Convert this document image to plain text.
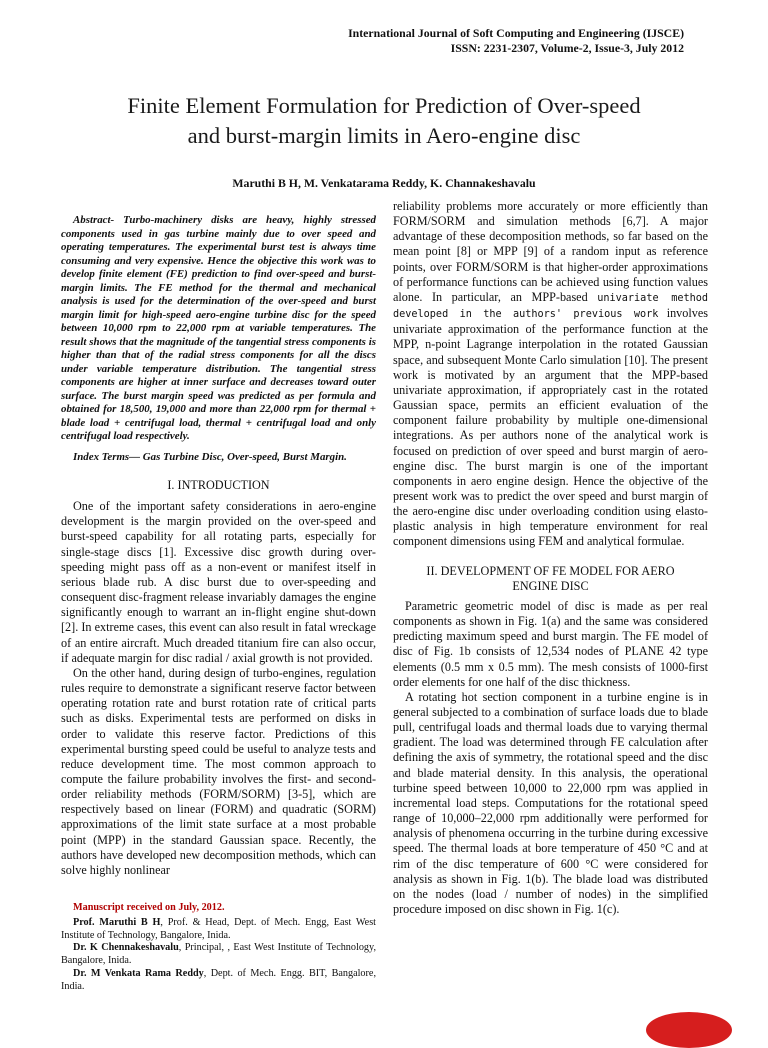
International Journal of Soft Computing and Engineering (IJSCE)
ISSN: 2231-2307, Volume-2, Issue-3, July 2012
Finite Element Formulation for Prediction of Over-speed
and burst-margin limits in Aero-engine disc
Maruthi B H, M. Venkatarama Reddy, K. Channakeshavalu

Abstract- Turbo-machinery disks are heavy, highly stressed components used in gas turbine mainly due to over speed and operating temperatures. The experimental burst test is always time consuming and very expensive. Hence the objective this work was to develop finite element (FE) prediction to find over-speed and burst-margin limits. The FE method for the thermal and mechanical analysis is used for the determination of the over-speed and burst margin limit for high-speed aero-engine turbine disc for the speed between 10,000 rpm to 22,000 rpm at variable temperatures. The result shows that the magnitude of the tangential stress components is higher than that of the radial stress components for all the discs under variable temperature distribution. The tangential stress components are higher at inner surface and decreases toward outer surface. The burst margin speed was predicted as per formula and obtained for 18,500, 19,000 and more than 22,000 rpm for thermal + blade load + centrifugal load, thermal + centrifugal load and only centrifugal load respectively.

Index Terms— Gas Turbine Disc, Over-speed, Burst Margin.

I. INTRODUCTION

One of the important safety considerations in aero-engine development is the margin provided on the over-speed and burst-speed capability for all rotating parts, especially for single-stage discs [1]. Excessive disc growth during over-speeding might pass off as a non-event or manifest itself in serious blade rub. A disc burst due to over-speeding and consequent disc-fragment release invariably damages the engine significantly enough to warrant an in-flight engine shut-down [2]. In extreme cases, this event can also result in fatal wreckage of an entire aircraft. Much dreaded titanium fire can also occur, if adequate margin for disc radial / axial growth is not provided.

On the other hand, during design of turbo-engines, regulation rules require to demonstrate a significant reserve factor between operating rotation rate and burst rotation rate of critical parts such as disks. Experimental tests are performed on disks in order to validate this reserve factor. Predictions of this experimental bursting speed could be useful to analyze tests and reduce development time. The most common approach to compute the failure probability involves the first- and second-order reliability methods (FORM/SORM) [3-5], which are respectively based on linear (FORM) and quadratic (SORM) approximations of the limit state surface at a most probable point (MPP) in the standard Gaussian space. Recently, the authors have developed new decomposition methods, which can solve highly nonlinear

Manuscript received on July, 2012.

Prof. Maruthi B H, Prof. & Head, Dept. of Mech. Engg, East West Institute of Technology, Bangalore, Inida.

Dr. K Chennakeshavalu, Principal, , East West Institute of Technology, Bangalore, Inida.

Dr. M Venkata Rama Reddy, Dept. of Mech. Engg. BIT, Bangalore, India.

reliability problems more accurately or more efficiently than FORM/SORM and simulation methods [6,7]. A major advantage of these decomposition methods, so far based on the mean point [8] or MPP [9] of a random input as reference points, over FORM/SORM is that higher-order approximations of performance functions can be achieved using function values alone. In particular, an MPP-based univariate method developed in the authors' previous work involves univariate approximation of the performance function at the MPP, n-point Lagrange interpolation in the rotated Gaussian space, and subsequent Monte Carlo simulation [10]. The present work is motivated by an argument that the MPP-based univariate approximation, if appropriately cast in the rotated Gaussian space, permits an efficient evaluation of the component failure probability by multiple one-dimensional integrations. As per authors none of the analytical work is focused on prediction of over speed and burst margin of aero-engine disc. The burst margin is one of the important components in aero engine design. Hence the objective of the present work was to predict the over speed and burst margin of the aero-engine disc under overloading condition using elasto-plastic analysis in high temperature environment for real component dimensions using FEM and analytical formulae.

II. DEVELOPMENT OF FE MODEL FOR AERO ENGINE DISC

Parametric geometric model of disc is made as per real components as shown in Fig. 1(a) and the same was considered predicting maximum speed and burst margin. The FE model of disc of Fig. 1b consists of 12,534 nodes of PLANE 42 type elements (0.5 mm x 0.5 mm). The mesh consists of 1000-first order elements for one half of the disc thickness.

A rotating hot section component in a turbine engine is in general subjected to a combination of surface loads due to blade pull, centrifugal loads and thermal loads due to varying thermal gradient. The load was determined through FE calculation after defining the axis of symmetry, the rotational speed and the disc and blade material density. In this analysis, the operational turbine speed between 10,000 to 22,000 rpm was applied in incremental load steps. Computations for the rotational speed range of 10,000–22,000 rpm additionally were performed for analysis of phenomena occurring in the turbine during excessive speed. The thermal loads at bore temperature of 450 °C and at rim of the disc temperature of 600 °C were considered for analysis as shown in Fig. 1(b). The blade load was distributed on the nodes (load / number of nodes) in the simplified procedure imposed on disc shown in Fig. 1(c).
